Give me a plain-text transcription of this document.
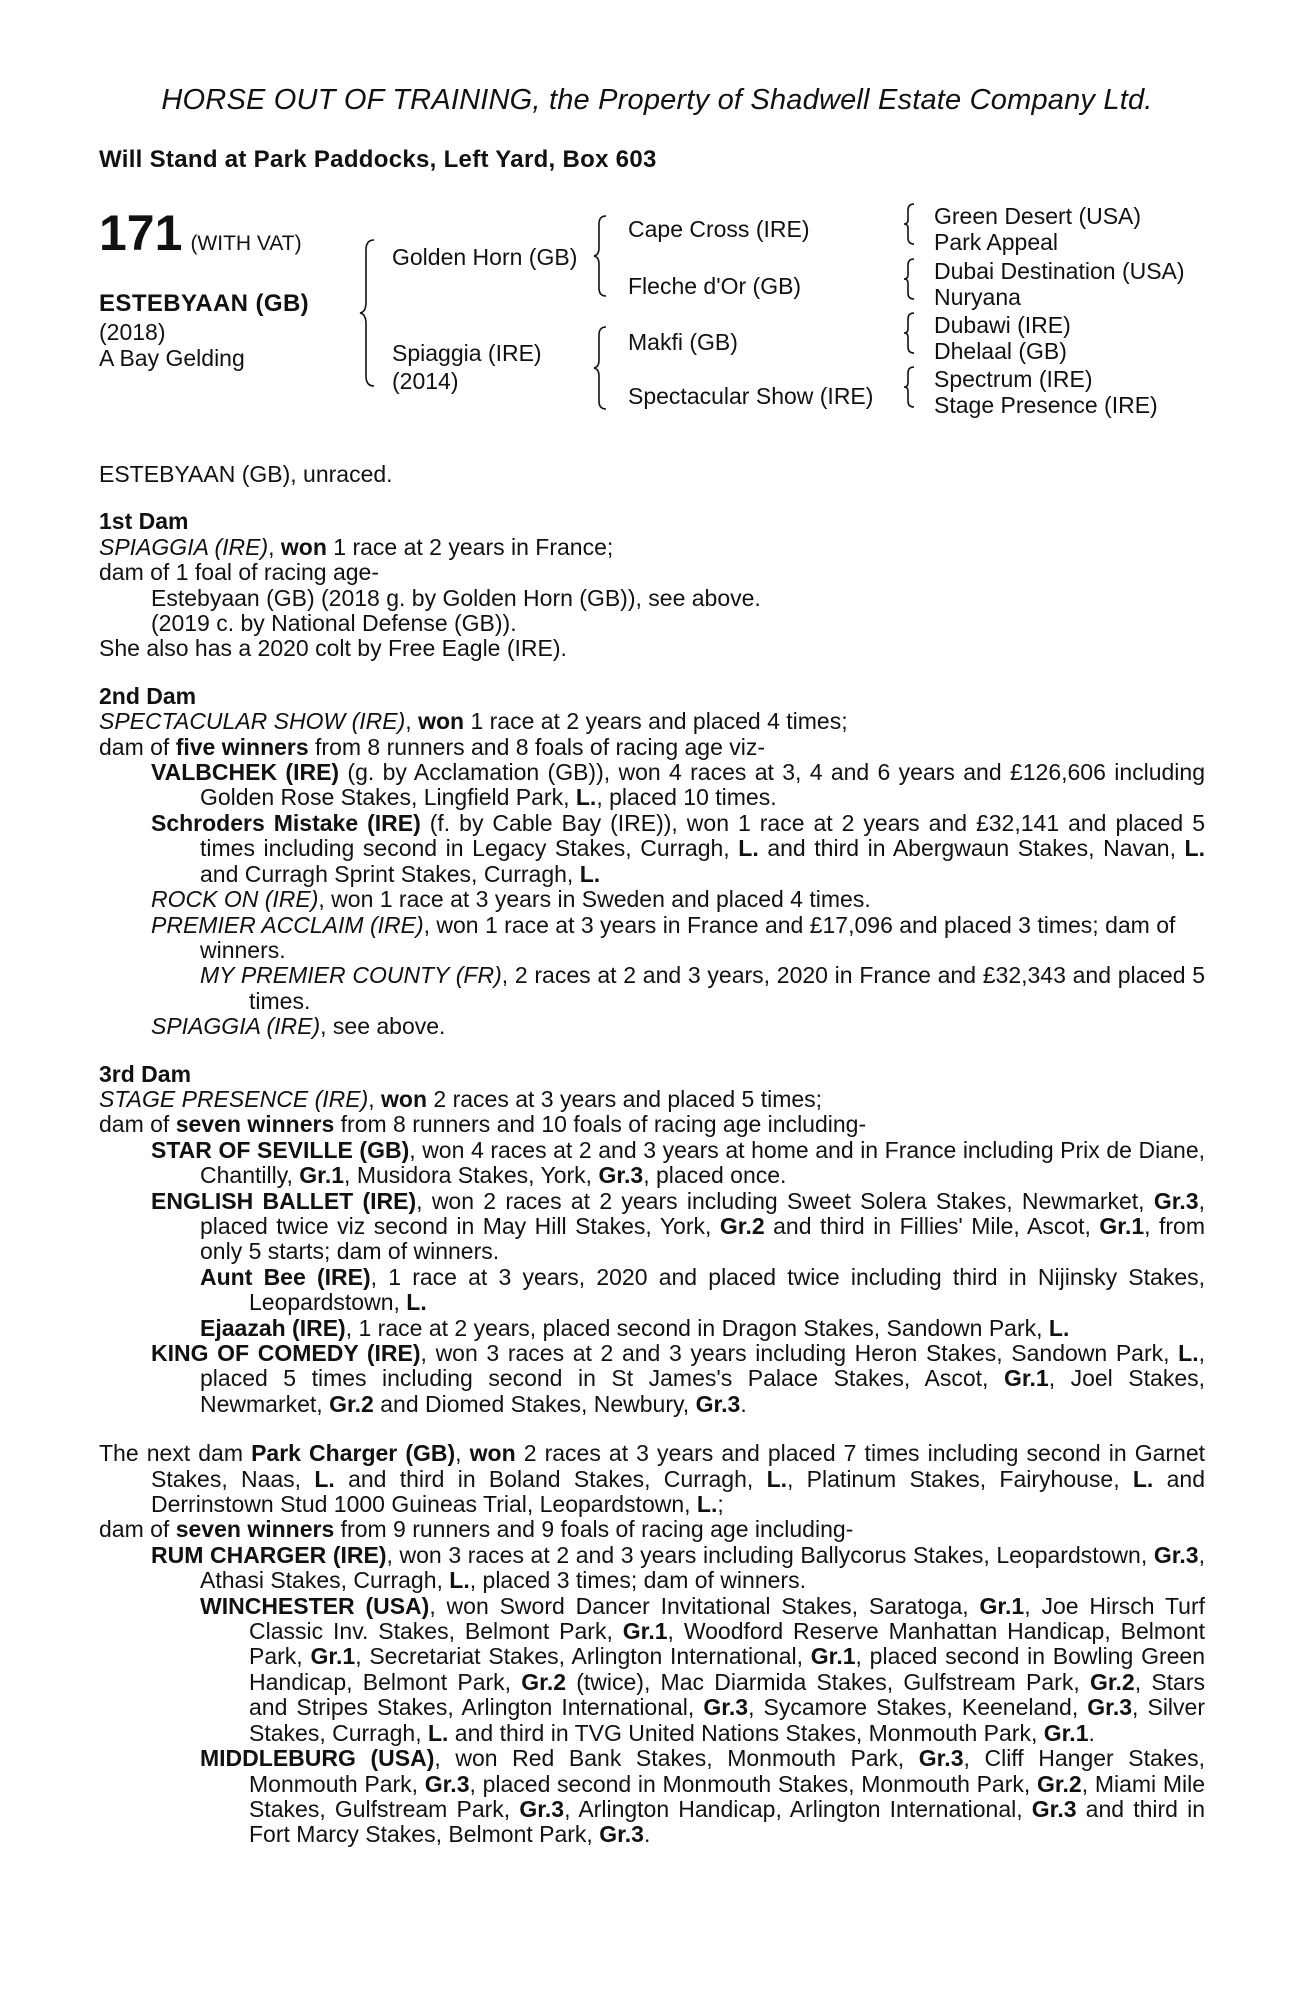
HORSE OUT OF TRAINING, the Property of Shadwell Estate Company Ltd.
Will Stand at Park Paddocks, Left Yard, Box 603
171 (WITH VAT)
ESTEBYAAN (GB)
(2018)
A Bay Gelding
Golden Horn (GB)
Spiaggia (IRE)
(2014)
Cape Cross (IRE)
Fleche d'Or (GB)
Makfi (GB)
Spectacular Show (IRE)
Green Desert (USA)
Park Appeal
Dubai Destination (USA)
Nuryana
Dubawi (IRE)
Dhelaal (GB)
Spectrum (IRE)
Stage Presence (IRE)

ESTEBYAAN (GB), unraced.

1st Dam

SPIAGGIA (IRE), won 1 race at 2 years in France;

dam of 1 foal of racing age-

Estebyaan (GB) (2018 g. by Golden Horn (GB)), see above.

(2019 c. by National Defense (GB)).

She also has a 2020 colt by Free Eagle (IRE).

2nd Dam

SPECTACULAR SHOW (IRE), won 1 race at 2 years and placed 4 times;

dam of five winners from 8 runners and 8 foals of racing age viz-

VALBCHEK (IRE) (g. by Acclamation (GB)), won 4 races at 3, 4 and 6 years and £126,606 including Golden Rose Stakes, Lingfield Park, L., placed 10 times.

Schroders Mistake (IRE) (f. by Cable Bay (IRE)), won 1 race at 2 years and £32,141 and placed 5 times including second in Legacy Stakes, Curragh, L. and third in Abergwaun Stakes, Navan, L. and Curragh Sprint Stakes, Curragh, L.

ROCK ON (IRE), won 1 race at 3 years in Sweden and placed 4 times.

PREMIER ACCLAIM (IRE), won 1 race at 3 years in France and £17,096 and placed 3 times; dam of winners.

MY PREMIER COUNTY (FR), 2 races at 2 and 3 years, 2020 in France and £32,343 and placed 5 times.

SPIAGGIA (IRE), see above.

3rd Dam

STAGE PRESENCE (IRE), won 2 races at 3 years and placed 5 times;

dam of seven winners from 8 runners and 10 foals of racing age including-

STAR OF SEVILLE (GB), won 4 races at 2 and 3 years at home and in France including Prix de Diane, Chantilly, Gr.1, Musidora Stakes, York, Gr.3, placed once.

ENGLISH BALLET (IRE), won 2 races at 2 years including Sweet Solera Stakes, Newmarket, Gr.3, placed twice viz second in May Hill Stakes, York, Gr.2 and third in Fillies' Mile, Ascot, Gr.1, from only 5 starts; dam of winners.

Aunt Bee (IRE), 1 race at 3 years, 2020 and placed twice including third in Nijinsky Stakes, Leopardstown, L.

Ejaazah (IRE), 1 race at 2 years, placed second in Dragon Stakes, Sandown Park, L.

KING OF COMEDY (IRE), won 3 races at 2 and 3 years including Heron Stakes, Sandown Park, L., placed 5 times including second in St James's Palace Stakes, Ascot, Gr.1, Joel Stakes, Newmarket, Gr.2 and Diomed Stakes, Newbury, Gr.3.

The next dam Park Charger (GB), won 2 races at 3 years and placed 7 times including second in Garnet Stakes, Naas, L. and third in Boland Stakes, Curragh, L., Platinum Stakes, Fairyhouse, L. and Derrinstown Stud 1000 Guineas Trial, Leopardstown, L.;

dam of seven winners from 9 runners and 9 foals of racing age including-

RUM CHARGER (IRE), won 3 races at 2 and 3 years including Ballycorus Stakes, Leopardstown, Gr.3, Athasi Stakes, Curragh, L., placed 3 times; dam of winners.

WINCHESTER (USA), won Sword Dancer Invitational Stakes, Saratoga, Gr.1, Joe Hirsch Turf Classic Inv. Stakes, Belmont Park, Gr.1, Woodford Reserve Manhattan Handicap, Belmont Park, Gr.1, Secretariat Stakes, Arlington International, Gr.1, placed second in Bowling Green Handicap, Belmont Park, Gr.2 (twice), Mac Diarmida Stakes, Gulfstream Park, Gr.2, Stars and Stripes Stakes, Arlington International, Gr.3, Sycamore Stakes, Keeneland, Gr.3, Silver Stakes, Curragh, L. and third in TVG United Nations Stakes, Monmouth Park, Gr.1.

MIDDLEBURG (USA), won Red Bank Stakes, Monmouth Park, Gr.3, Cliff Hanger Stakes, Monmouth Park, Gr.3, placed second in Monmouth Stakes, Monmouth Park, Gr.2, Miami Mile Stakes, Gulfstream Park, Gr.3, Arlington Handicap, Arlington International, Gr.3 and third in Fort Marcy Stakes, Belmont Park, Gr.3.
